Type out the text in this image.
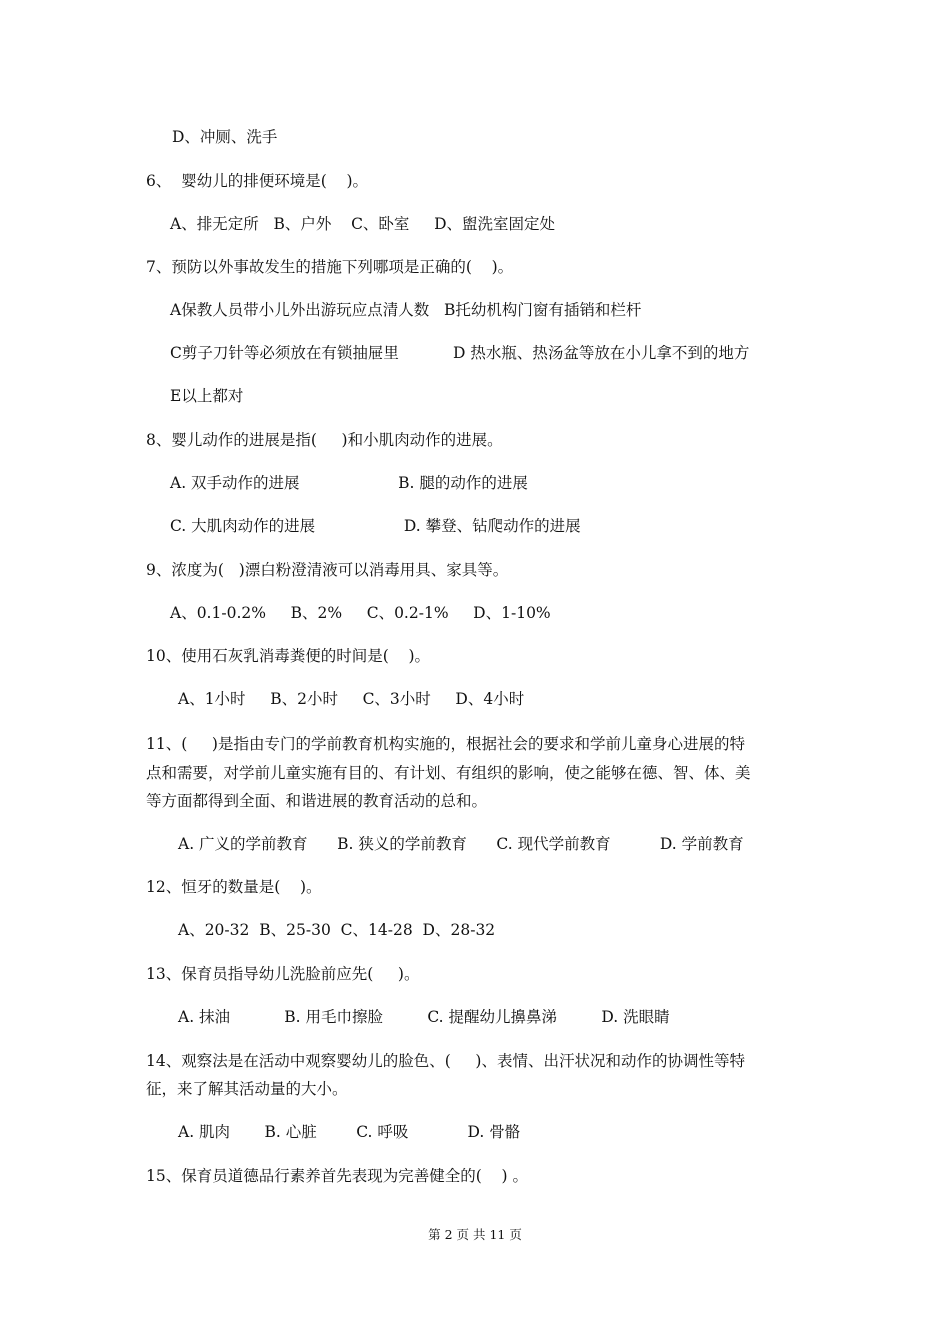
D、冲厕、洗手
6、  婴幼儿的排便环境是(    )。
A、排无定所   B、户外    C、卧室     D、盥洗室固定处
7、预防以外事故发生的措施下列哪项是正确的(    )。
A保教人员带小儿外出游玩应点清人数   B托幼机构门窗有插销和栏杆
C剪子刀针等必须放在有锁抽屉里           D 热水瓶、热汤盆等放在小儿拿不到的地方
E以上都对
8、婴儿动作的进展是指(     )和小肌肉动作的进展。
A. 双手动作的进展                    B. 腿的动作的进展
C. 大肌肉动作的进展                  D. 攀登、钻爬动作的进展
9、浓度为(   )漂白粉澄清液可以消毒用具、家具等。
A、0.1-0.2%     B、2%     C、0.2-1%     D、1-10%
10、使用石灰乳消毒粪便的时间是(    )。
A、1小时     B、2小时     C、3小时     D、4小时
11、(     )是指由专门的学前教育机构实施的，根据社会的要求和学前儿童身心进展的特
点和需要，对学前儿童实施有目的、有计划、有组织的影响，使之能够在德、智、体、美
等方面都得到全面、和谐进展的教育活动的总和。
A. 广义的学前教育      B. 狭义的学前教育      C. 现代学前教育          D. 学前教育
12、恒牙的数量是(    )。
A、20-32  B、25-30  C、14-28  D、28-32
13、保育员指导幼儿洗脸前应先(     )。
A. 抹油           B. 用毛巾擦脸         C. 提醒幼儿擤鼻涕         D. 洗眼睛
14、观察法是在活动中观察婴幼儿的脸色、(     )、表情、出汗状况和动作的协调性等特
征，来了解其活动量的大小。
A. 肌肉       B. 心脏        C. 呼吸            D. 骨骼
15、保育员道德品行素养首先表现为完善健全的(    ) 。
第 2 页 共 11 页
